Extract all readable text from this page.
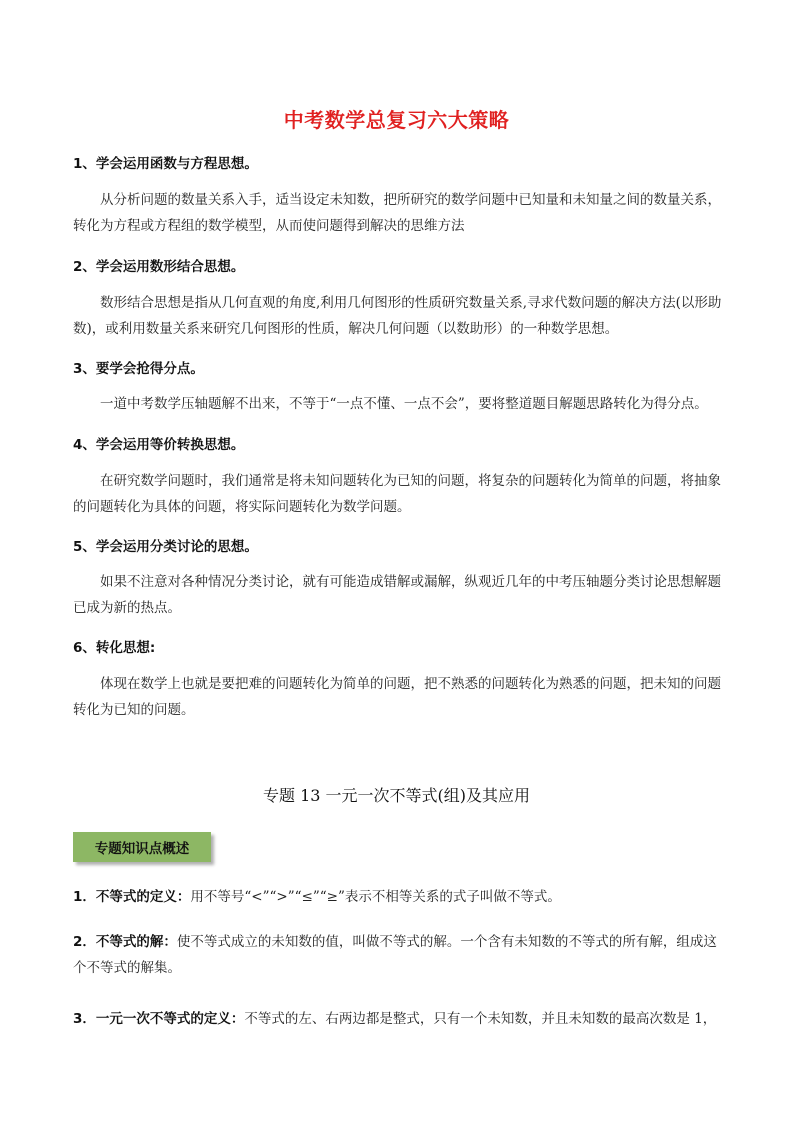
中考数学总复习六大策略
1、学会运用函数与方程思想。

从分析问题的数量关系入手，适当设定未知数，把所研究的数学问题中已知量和未知量之间的数量关系，转化为方程或方程组的数学模型，从而使问题得到解决的思维方法

2、学会运用数形结合思想。

数形结合思想是指从几何直观的角度,利用几何图形的性质研究数量关系,寻求代数问题的解决方法(以形助数)，或利用数量关系来研究几何图形的性质，解决几何问题（以数助形）的一种数学思想。

3、要学会抢得分点。

一道中考数学压轴题解不出来，不等于“一点不懂、一点不会”，要将整道题目解题思路转化为得分点。

4、学会运用等价转换思想。

在研究数学问题时，我们通常是将未知问题转化为已知的问题，将复杂的问题转化为简单的问题，将抽象的问题转化为具体的问题，将实际问题转化为数学问题。

5、学会运用分类讨论的思想。

如果不注意对各种情况分类讨论，就有可能造成错解或漏解，纵观近几年的中考压轴题分类讨论思想解题已成为新的热点。

6、转化思想:

体现在数学上也就是要把难的问题转化为简单的问题，把不熟悉的问题转化为熟悉的问题，把未知的问题转化为已知的问题。

专题 13 一元一次不等式(组)及其应用
专题知识点概述

1．不等式的定义：用不等号“<”“>”“≤”“≥”表示不相等关系的式子叫做不等式。

2．不等式的解：使不等式成立的未知数的值，叫做不等式的解。一个含有未知数的不等式的所有解，组成这个不等式的解集。

3．一元一次不等式的定义：不等式的左、右两边都是整式，只有一个未知数，并且未知数的最高次数是 1，
